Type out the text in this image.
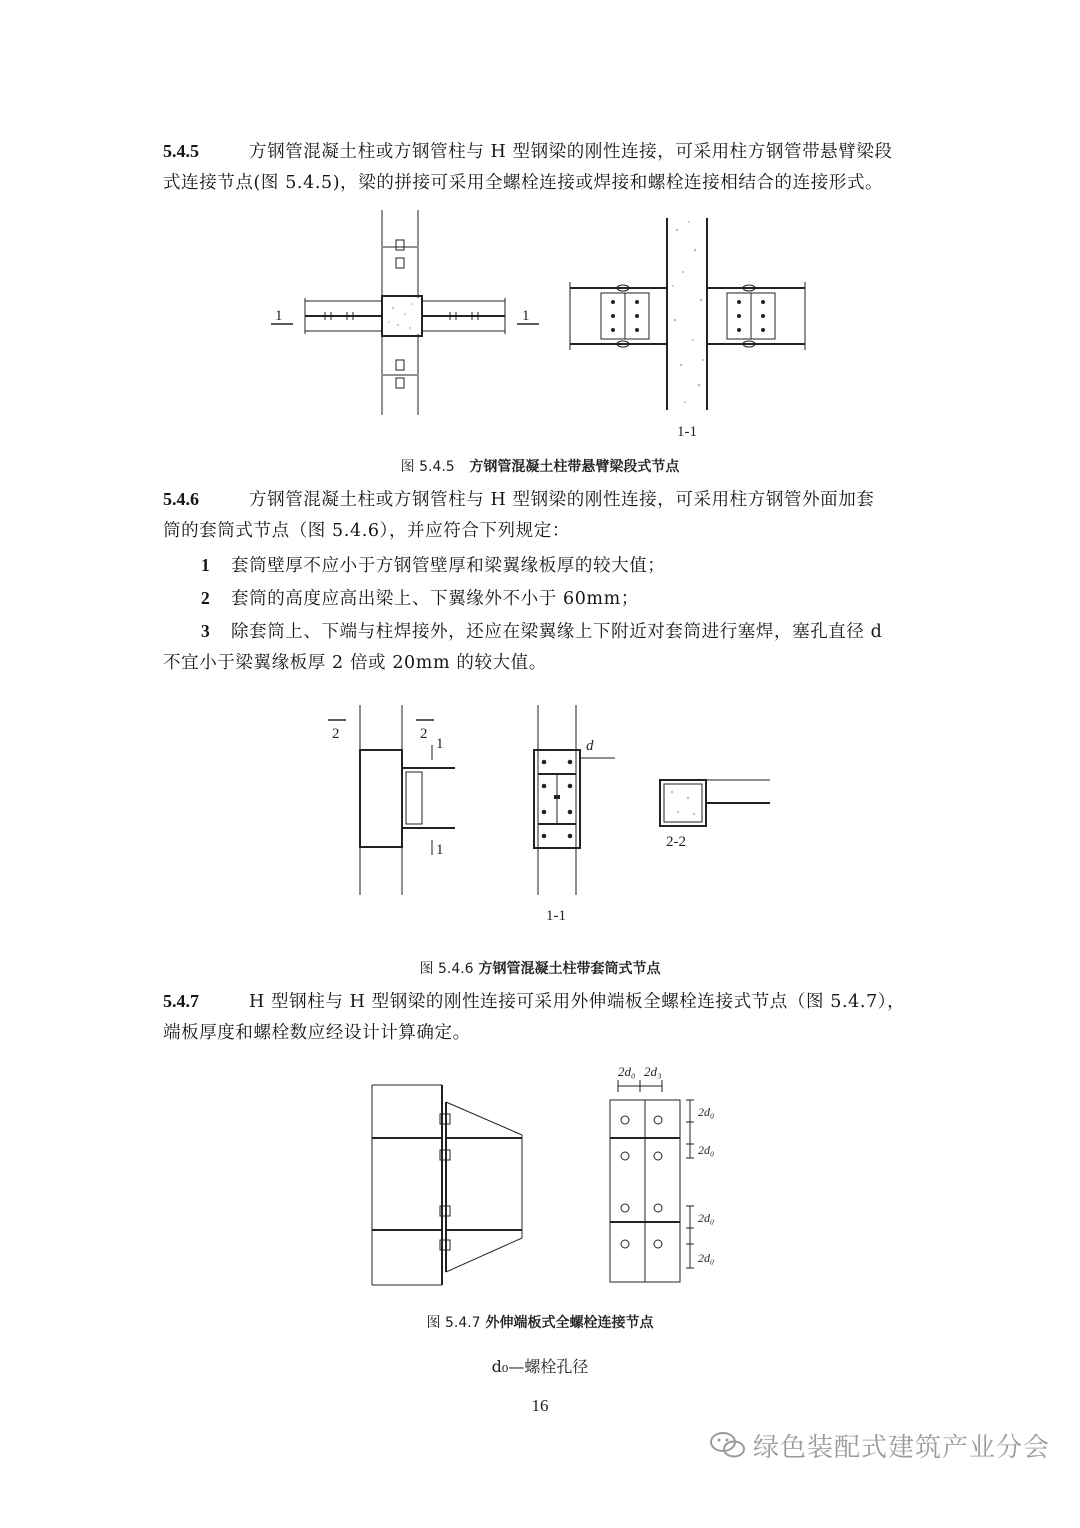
5.4.5	方钢管混凝土柱或方钢管柱与 H 型钢梁的刚性连接，可采用柱方钢管带悬臂梁段
式连接节点(图 5.4.5)，梁的拼接可采用全螺栓连接或焊接和螺栓连接相结合的连接形式。
1	1
1-1
图 5.4.5 方钢管混凝土柱带悬臂梁段式节点
5.4.6	方钢管混凝土柱或方钢管柱与 H 型钢梁的刚性连接，可采用柱方钢管外面加套
筒的套筒式节点（图 5.4.6），并应符合下列规定：
1 套筒壁厚不应小于方钢管壁厚和梁翼缘板厚的较大值；
2 套筒的高度应高出梁上、下翼缘外不小于 60mm；
3 除套筒上、下端与柱焊接外，还应在梁翼缘上下附近对套筒进行塞焊，塞孔直径 d
不宜小于梁翼缘板厚 2 倍或 20mm 的较大值。
2	2
1
1
d
1-1
2-2
图 5.4.6 方钢管混凝土柱带套筒式节点
5.4.7	H 型钢柱与 H 型钢梁的刚性连接可采用外伸端板全螺栓连接式节点（图 5.4.7），
端板厚度和螺栓数应经设计计算确定。
2d₀ 2d₃
2d₀
2d₀
2d₀
2d₀
图 5.4.7 外伸端板式全螺栓连接节点
d₀—螺栓孔径
16
绿色装配式建筑产业分会
